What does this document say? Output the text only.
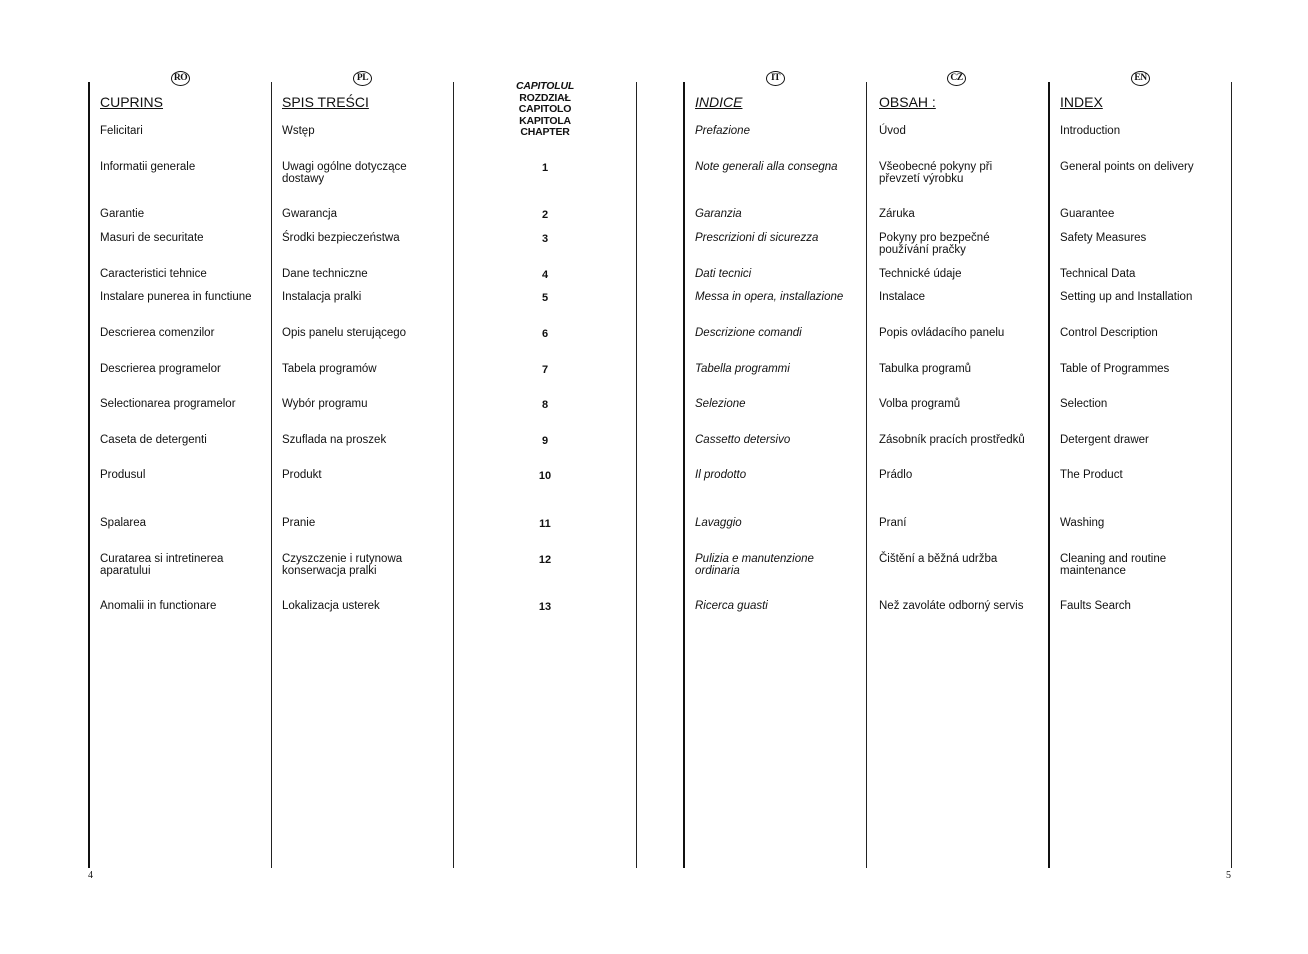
RO
CUPRINS
Felicitari
Informatii generale
Garantie
Masuri de securitate
Caracteristici tehnice
Instalare punerea in functiune
Descrierea comenzilor
Descrierea programelor
Selectionarea programelor
Caseta de detergenti
Produsul
Spalarea
Curatarea si intretinerea
aparatului
Anomalii in functionare
PL
SPIS TREŚCI
Wstęp
Uwagi ogólne dotyczące
dostawy
Gwarancja
Środki bezpieczeństwa
Dane techniczne
Instalacja pralki
Opis panelu sterującego
Tabela programów
Wybór programu
Szuflada na proszek
Produkt
Pranie
Czyszczenie i rutynowa
konserwacja pralki
Lokalizacja usterek
CAPITOLUL
ROZDZIAŁ
CAPITOLO
KAPITOLA
CHAPTER
1
2
3
4
5
6
7
8
9
10
11
12
13
IT
INDICE
Prefazione
Note generali alla consegna
Garanzia
Prescrizioni di sicurezza
Dati tecnici
Messa in opera, installazione
Descrizione comandi
Tabella programmi
Selezione
Cassetto detersivo
Il prodotto
Lavaggio
Pulizia e manutenzione
ordinaria
Ricerca guasti
CZ
OBSAH :
Úvod
Všeobecné pokyny při
převzetí výrobku
Záruka
Pokyny pro bezpečné
používání pračky
Technické údaje
Instalace
Popis ovládacího panelu
Tabulka programů
Volba programů
Zásobník pracích prostředků
Prádlo
Praní
Čištění a běžná udržba
Než zavoláte odborný servis
EN
INDEX
Introduction
General points on delivery
Guarantee
Safety Measures
Technical Data
Setting up and Installation
Control Description
Table of Programmes
Selection
Detergent drawer
The Product
Washing
Cleaning and routine
maintenance
Faults Search
4	5
